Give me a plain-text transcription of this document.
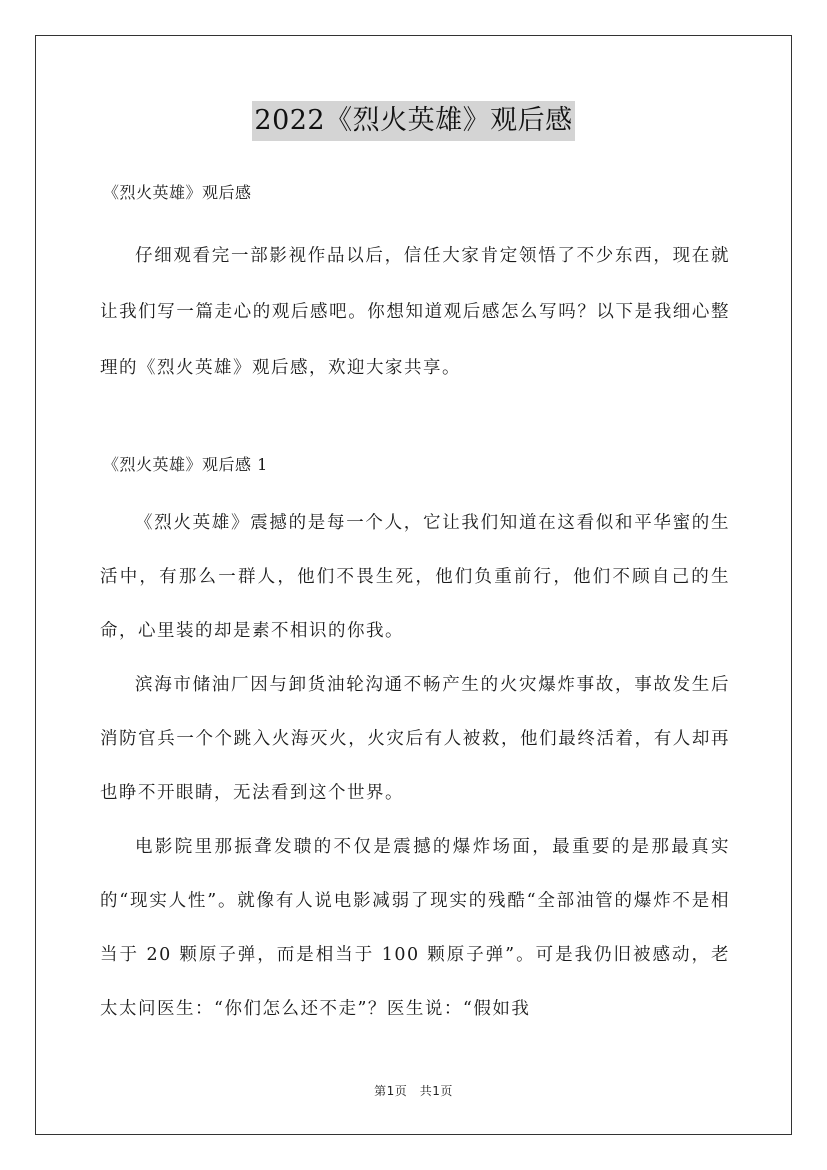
2022《烈火英雄》观后感
《烈火英雄》观后感

仔细观看完一部影视作品以后，信任大家肯定领悟了不少东西，现在就让我们写一篇走心的观后感吧。你想知道观后感怎么写吗？以下是我细心整理的《烈火英雄》观后感，欢迎大家共享。

《烈火英雄》观后感 1

《烈火英雄》震撼的是每一个人，它让我们知道在这看似和平华蜜的生活中，有那么一群人，他们不畏生死，他们负重前行，他们不顾自己的生命，心里装的却是素不相识的你我。

滨海市储油厂因与卸货油轮沟通不畅产生的火灾爆炸事故，事故发生后消防官兵一个个跳入火海灭火，火灾后有人被救，他们最终活着，有人却再也睁不开眼睛，无法看到这个世界。

电影院里那振聋发聩的不仅是震撼的爆炸场面，最重要的是那最真实的“现实人性”。就像有人说电影减弱了现实的残酷“全部油管的爆炸不是相当于 20 颗原子弹，而是相当于 100 颗原子弹”。可是我仍旧被感动，老太太问医生：“你们怎么还不走”？医生说：“假如我

第1页　共1页
